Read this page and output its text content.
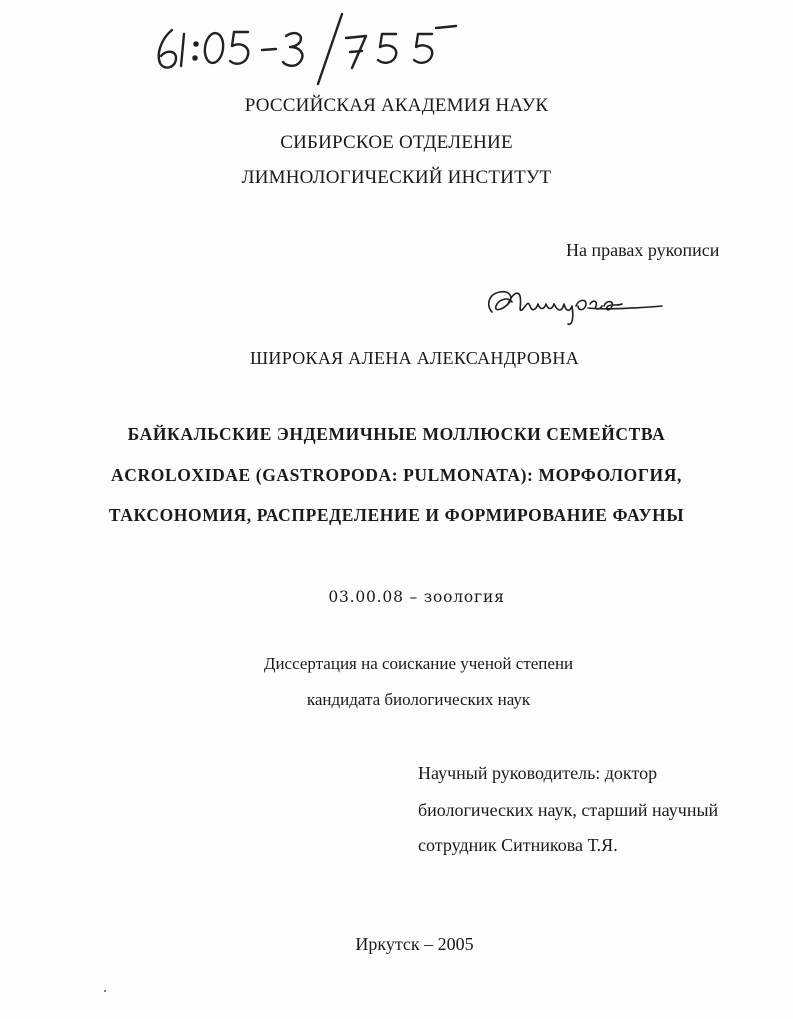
РОССИЙСКАЯ АКАДЕМИЯ НАУК
СИБИРСКОЕ ОТДЕЛЕНИЕ
ЛИМНОЛОГИЧЕСКИЙ ИНСТИТУТ
На правах рукописи
ШИРОКАЯ АЛЕНА АЛЕКСАНДРОВНА
БАЙКАЛЬСКИЕ ЭНДЕМИЧНЫЕ МОЛЛЮСКИ СЕМЕЙСТВА
ACROLOXIDAE (GASTROPODA: PULMONATA): МОРФОЛОГИЯ,
ТАКСОНОМИЯ, РАСПРЕДЕЛЕНИЕ И ФОРМИРОВАНИЕ ФАУНЫ
03.00.08 – зоология
Диссертация на соискание ученой степени
кандидата биологических наук
Научный руководитель: доктор
биологических наук, старший научный
сотрудник Ситникова Т.Я.
Иркутск – 2005
